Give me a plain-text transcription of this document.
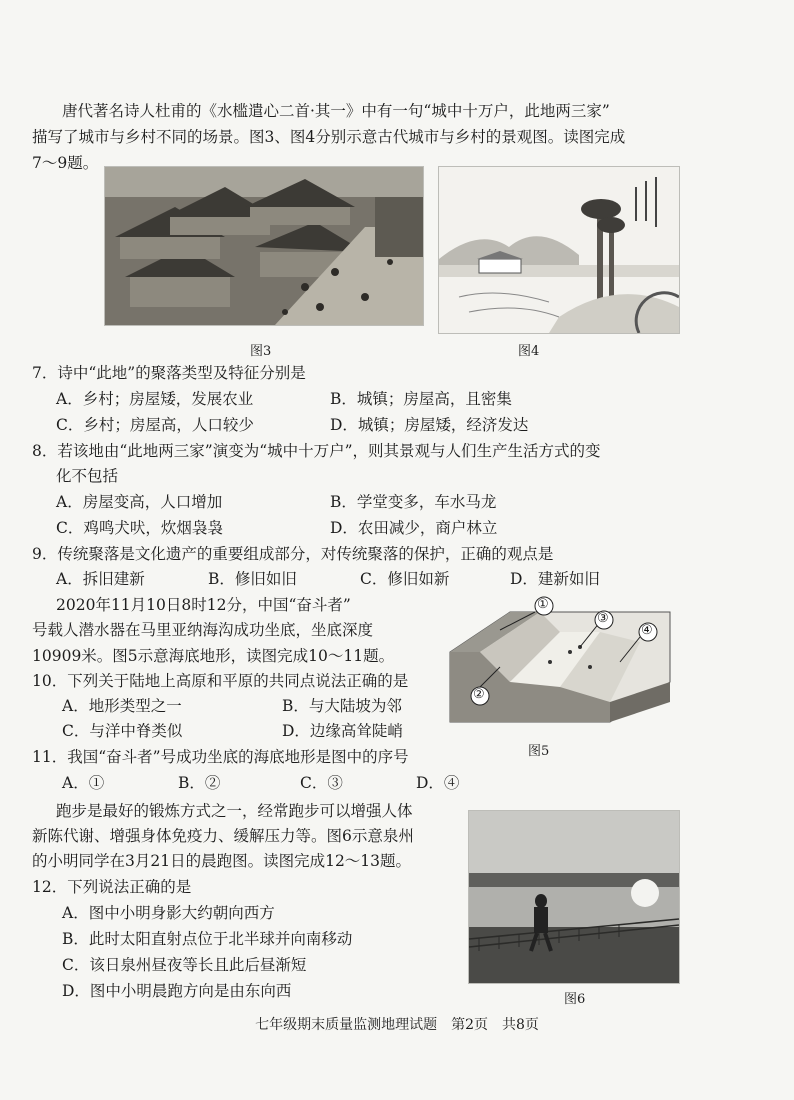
唐代著名诗人杜甫的《水槛遣心二首·其一》中有一句“城中十万户，此地两三家”
描写了城市与乡村不同的场景。图3、图4分别示意古代城市与乡村的景观图。读图完成
7～9题。
图3	图4
7．诗中“此地”的聚落类型及特征分别是
A．乡村；房屋矮，发展农业	B．城镇；房屋高，且密集
C．乡村；房屋高，人口较少	D．城镇；房屋矮，经济发达
8．若该地由“此地两三家”演变为“城中十万户”，则其景观与人们生产生活方式的变
化不包括
A．房屋变高，人口增加	B．学堂变多，车水马龙
C．鸡鸣犬吠，炊烟袅袅	D．农田减少，商户林立
9．传统聚落是文化遗产的重要组成部分，对传统聚落的保护，正确的观点是
A．拆旧建新	B．修旧如旧	C．修旧如新	D．建新如旧
2020年11月10日8时12分，中国“奋斗者”
号载人潜水器在马里亚纳海沟成功坐底，坐底深度
10909米。图5示意海底地形，读图完成10～11题。
①
②
③
④
图5
10．下列关于陆地上高原和平原的共同点说法正确的是
A．地形类型之一	B．与大陆坡为邻
C．与洋中脊类似	D．边缘高耸陡峭
11．我国“奋斗者”号成功坐底的海底地形是图中的序号
A．①	B．②	C．③	D．④
跑步是最好的锻炼方式之一，经常跑步可以增强人体
新陈代谢、增强身体免疫力、缓解压力等。图6示意泉州
的小明同学在3月21日的晨跑图。读图完成12～13题。
图6
12．下列说法正确的是
A．图中小明身影大约朝向西方
B．此时太阳直射点位于北半球并向南移动
C．该日泉州昼夜等长且此后昼渐短
D．图中小明晨跑方向是由东向西
七年级期末质量监测地理试题　第2页　共8页
